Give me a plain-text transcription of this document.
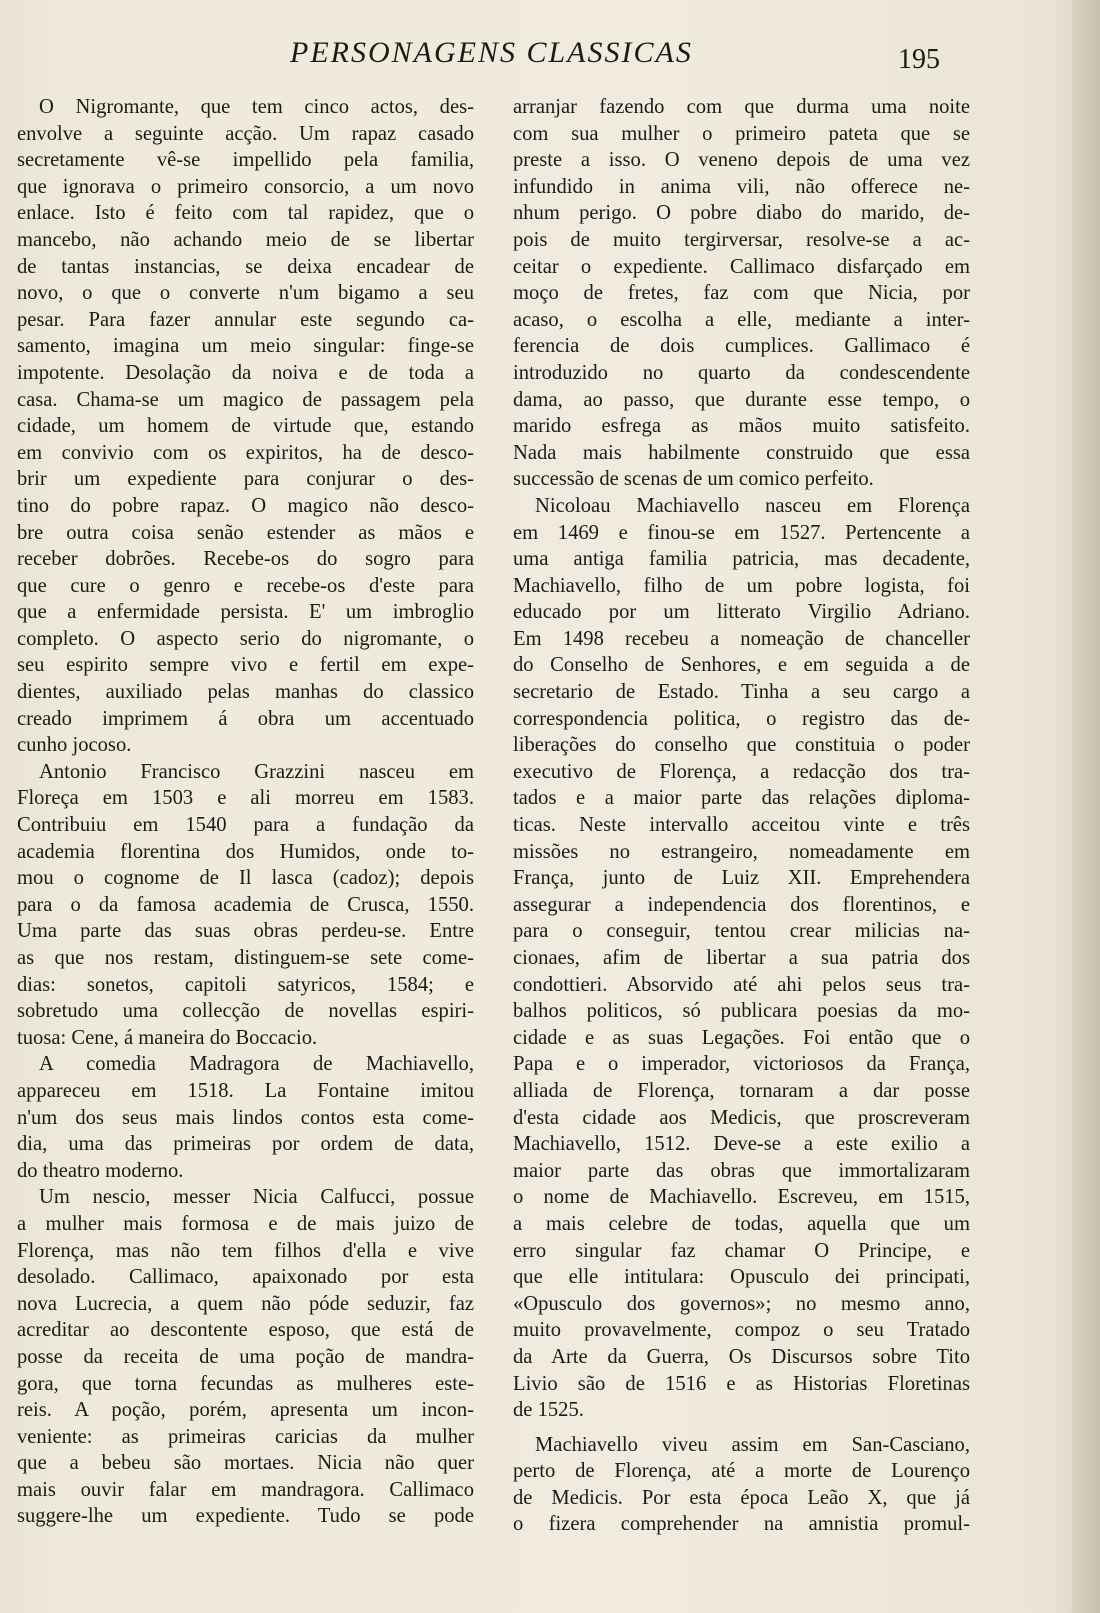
PERSONAGENS CLASSICAS	195
O Nigromante, que tem cinco actos, des-
envolve a seguinte acção. Um rapaz casado
secretamente vê-se impellido pela familia,
que ignorava o primeiro consorcio, a um novo
enlace. Isto é feito com tal rapidez, que o
mancebo, não achando meio de se libertar
de tantas instancias, se deixa encadear de
novo, o que o converte n'um bigamo a seu
pesar. Para fazer annular este segundo ca-
samento, imagina um meio singular: finge-se
impotente. Desolação da noiva e de toda a
casa. Chama-se um magico de passagem pela
cidade, um homem de virtude que, estando
em convivio com os expiritos, ha de desco-
brir um expediente para conjurar o des-
tino do pobre rapaz. O magico não desco-
bre outra coisa senão estender as mãos e
receber dobrões. Recebe-os do sogro para
que cure o genro e recebe-os d'este para
que a enfermidade persista. E' um imbroglio
completo. O aspecto serio do nigromante, o
seu espirito sempre vivo e fertil em expe-
dientes, auxiliado pelas manhas do classico
creado imprimem á obra um accentuado
cunho jocoso.
Antonio Francisco Grazzini nasceu em
Floreça em 1503 e ali morreu em 1583.
Contribuiu em 1540 para a fundação da
academia florentina dos Humidos, onde to-
mou o cognome de Il lasca (cadoz); depois
para o da famosa academia de Crusca, 1550.
Uma parte das suas obras perdeu-se. Entre
as que nos restam, distinguem-se sete come-
dias: sonetos, capitoli satyricos, 1584; e
sobretudo uma collecção de novellas espiri-
tuosa: Cene, á maneira do Boccacio.
A comedia Madragora de Machiavello,
appareceu em 1518. La Fontaine imitou
n'um dos seus mais lindos contos esta come-
dia, uma das primeiras por ordem de data,
do theatro moderno.
Um nescio, messer Nicia Calfucci, possue
a mulher mais formosa e de mais juizo de
Florença, mas não tem filhos d'ella e vive
desolado. Callimaco, apaixonado por esta
nova Lucrecia, a quem não póde seduzir, faz
acreditar ao descontente esposo, que está de
posse da receita de uma poção de mandra-
gora, que torna fecundas as mulheres este-
reis. A poção, porém, apresenta um incon-
veniente: as primeiras caricias da mulher
que a bebeu são mortaes. Nicia não quer
mais ouvir falar em mandragora. Callimaco
suggere-lhe um expediente. Tudo se pode
arranjar fazendo com que durma uma noite
com sua mulher o primeiro pateta que se
preste a isso. O veneno depois de uma vez
infundido in anima vili, não offerece ne-
nhum perigo. O pobre diabo do marido, de-
pois de muito tergirversar, resolve-se a ac-
ceitar o expediente. Callimaco disfarçado em
moço de fretes, faz com que Nicia, por
acaso, o escolha a elle, mediante a inter-
ferencia de dois cumplices. Gallimaco é
introduzido no quarto da condescendente
dama, ao passo, que durante esse tempo, o
marido esfrega as mãos muito satisfeito.
Nada mais habilmente construido que essa
successão de scenas de um comico perfeito.
Nicoloau Machiavello nasceu em Florença
em 1469 e finou-se em 1527. Pertencente a
uma antiga familia patricia, mas decadente,
Machiavello, filho de um pobre logista, foi
educado por um litterato Virgilio Adriano.
Em 1498 recebeu a nomeação de chanceller
do Conselho de Senhores, e em seguida a de
secretario de Estado. Tinha a seu cargo a
correspondencia politica, o registro das de-
liberações do conselho que constituia o poder
executivo de Florença, a redacção dos tra-
tados e a maior parte das relações diploma-
ticas. Neste intervallo acceitou vinte e três
missões no estrangeiro, nomeadamente em
França, junto de Luiz XII. Emprehendera
assegurar a independencia dos florentinos, e
para o conseguir, tentou crear milicias na-
cionaes, afim de libertar a sua patria dos
condottieri. Absorvido até ahi pelos seus tra-
balhos politicos, só publicara poesias da mo-
cidade e as suas Legações. Foi então que o
Papa e o imperador, victoriosos da França,
alliada de Florença, tornaram a dar posse
d'esta cidade aos Medicis, que proscreveram
Machiavello, 1512. Deve-se a este exilio a
maior parte das obras que immortalizaram
o nome de Machiavello. Escreveu, em 1515,
a mais celebre de todas, aquella que um
erro singular faz chamar O Principe, e
que elle intitulara: Opusculo dei principati,
«Opusculo dos governos»; no mesmo anno,
muito provavelmente, compoz o seu Tratado
da Arte da Guerra, Os Discursos sobre Tito
Livio são de 1516 e as Historias Floretinas
de 1525.
Machiavello viveu assim em San-Casciano,
perto de Florença, até a morte de Lourenço
de Medicis. Por esta época Leão X, que já
o fizera comprehender na amnistia promul-
